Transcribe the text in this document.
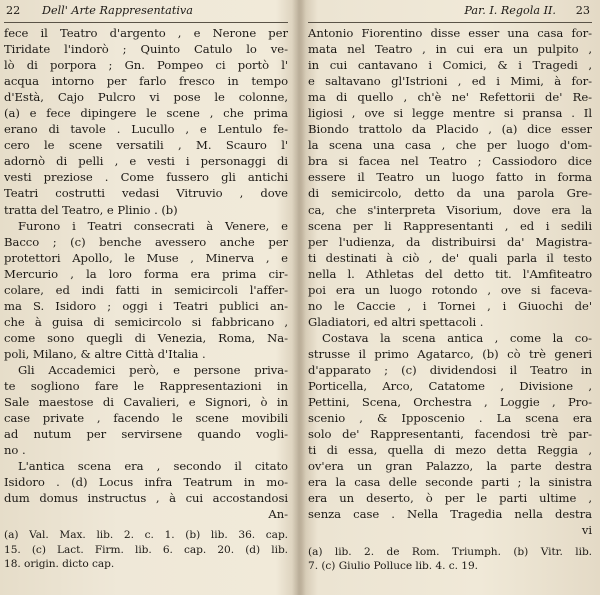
22 Dell' Arte Rappresentativa
fece il Teatro d'argento , e Nerone per
Tiridate l'indorò ; Quinto Catulo lo ve-
lò di porpora ; Gn. Pompeo ci portò l'
acqua intorno per farlo fresco in tempo
d'Està, Cajo Pulcro vi pose le colonne,
(a) e fece dipingere le scene , che prima
erano di tavole . Lucullo , e Lentulo fe-
cero le scene versatili , M. Scauro l'
adornò di pelli , e vesti i personaggi di
vesti preziose . Come fussero gli antichi
Teatri costrutti vedasi Vitruvio , dove
tratta del Teatro, e Plinio . (b)
Furono i Teatri consecrati à Venere, e
Bacco ; (c) benche avessero anche per
protettori Apollo, le Muse , Minerva , e
Mercurio , la loro forma era prima cir-
colare, ed indi fatti in semicircoli l'affer-
ma S. Isidoro ; oggi i Teatri publici an-
che à guisa di semicircolo si fabbricano ,
come sono quegli di Venezia, Roma, Na-
poli, Milano, & altre Città d'Italia .
Gli Accademici però, e persone priva-
te sogliono fare le Rappresentazioni in
Sale maestose di Cavalieri, e Signori, ò in
case private , facendo le scene movibili
ad nutum per servirsene quando vogli-
no .
L'antica scena era , secondo il citato
Isidoro . (d) Locus infra Teatrum in mo-
dum domus instructus , à cui accostandosi
An-
(a) Val. Max. lib. 2. c. 1. (b) lib. 36. cap.
15. (c) Lact. Firm. lib. 6. cap. 20. (d) lib.
18. origin. dicto cap.
Par. I. Regola II. 23
Antonio Fiorentino disse esser una casa for-
mata nel Teatro , in cui era un pulpito ,
in cui cantavano i Comici, & i Tragedi ,
e saltavano gl'Istrioni , ed i Mimi, à for-
ma di quello , ch'è ne' Refettorii de' Re-
ligiosi , ove si legge mentre si pransa . Il
Biondo trattolo da Placido , (a) dice esser
la scena una casa , che per luogo d'om-
bra si facea nel Teatro ; Cassiodoro dice
essere il Teatro un luogo fatto in forma
di semicircolo, detto da una parola Gre-
ca, che s'interpreta Visorium, dove era la
scena per li Rappresentanti , ed i sedili
per l'udienza, da distribuirsi da' Magistra-
ti destinati à ciò , de' quali parla il testo
nella l. Athletas del detto tit. l'Amfiteatro
poi era un luogo rotondo , ove si faceva-
no le Caccie , i Tornei , i Giuochi de'
Gladiatori, ed altri spettacoli .
Costava la scena antica , come la co-
strusse il primo Agatarco, (b) cò trè generi
d'apparato ; (c) dividendosi il Teatro in
Porticella, Arco, Catatome , Divisione ,
Pettini, Scena, Orchestra , Loggie , Pro-
scenio , & Ipposcenio . La scena era
solo de' Rappresentanti, facendosi trè par-
ti di essa, quella di mezo detta Reggia ,
ov'era un gran Palazzo, la parte destra
era la casa delle seconde parti ; la sinistra
era un deserto, ò per le parti ultime ,
senza case . Nella Tragedia nella destra
vi
(a) lib. 2. de Rom. Triumph. (b) Vitr. lib.
7. (c) Giulio Polluce lib. 4. c. 19.
